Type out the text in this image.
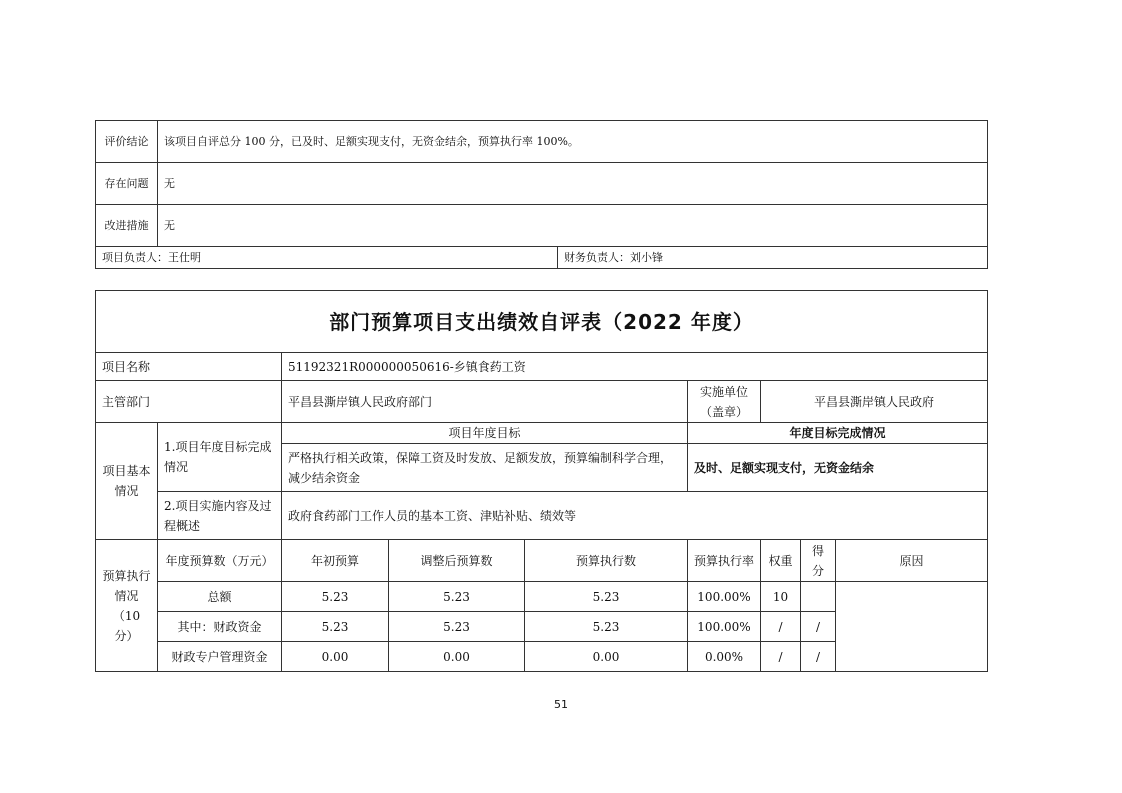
评价结论	该项目自评总分 100 分，已及时、足额实现支付，无资金结余，预算执行率 100%。	
存在问题	无	
改进措施	无	
项目负责人：王仕明		财务负责人：刘小锋
部门预算项目支出绩效自评表（2022 年度）								
项目名称		51192321R000000050616-乡镇食药工资						
主管部门		平昌县澌岸镇人民政府部门			实施单位（盖章）	平昌县澌岸镇人民政府		
项目基本情况	1.项目年度目标完成情况	项目年度目标			年度目标完成情况			
		严格执行相关政策，保障工资及时发放、足额发放，预算编制科学合理，减少结余资金			及时、足额实现支付，无资金结余			
	2.项目实施内容及过程概述	政府食药部门工作人员的基本工资、津贴补贴、绩效等						
预算执行情况（10 分）	年度预算数（万元）	年初预算	调整后预算数	预算执行数	预算执行率	权重	得分	原因
	总额	5.23	5.23	5.23	100.00%	10		
	其中：财政资金	5.23	5.23	5.23	100.00%	/	/	
	财政专户管理资金	0.00	0.00	0.00	0.00%	/	/	
51
